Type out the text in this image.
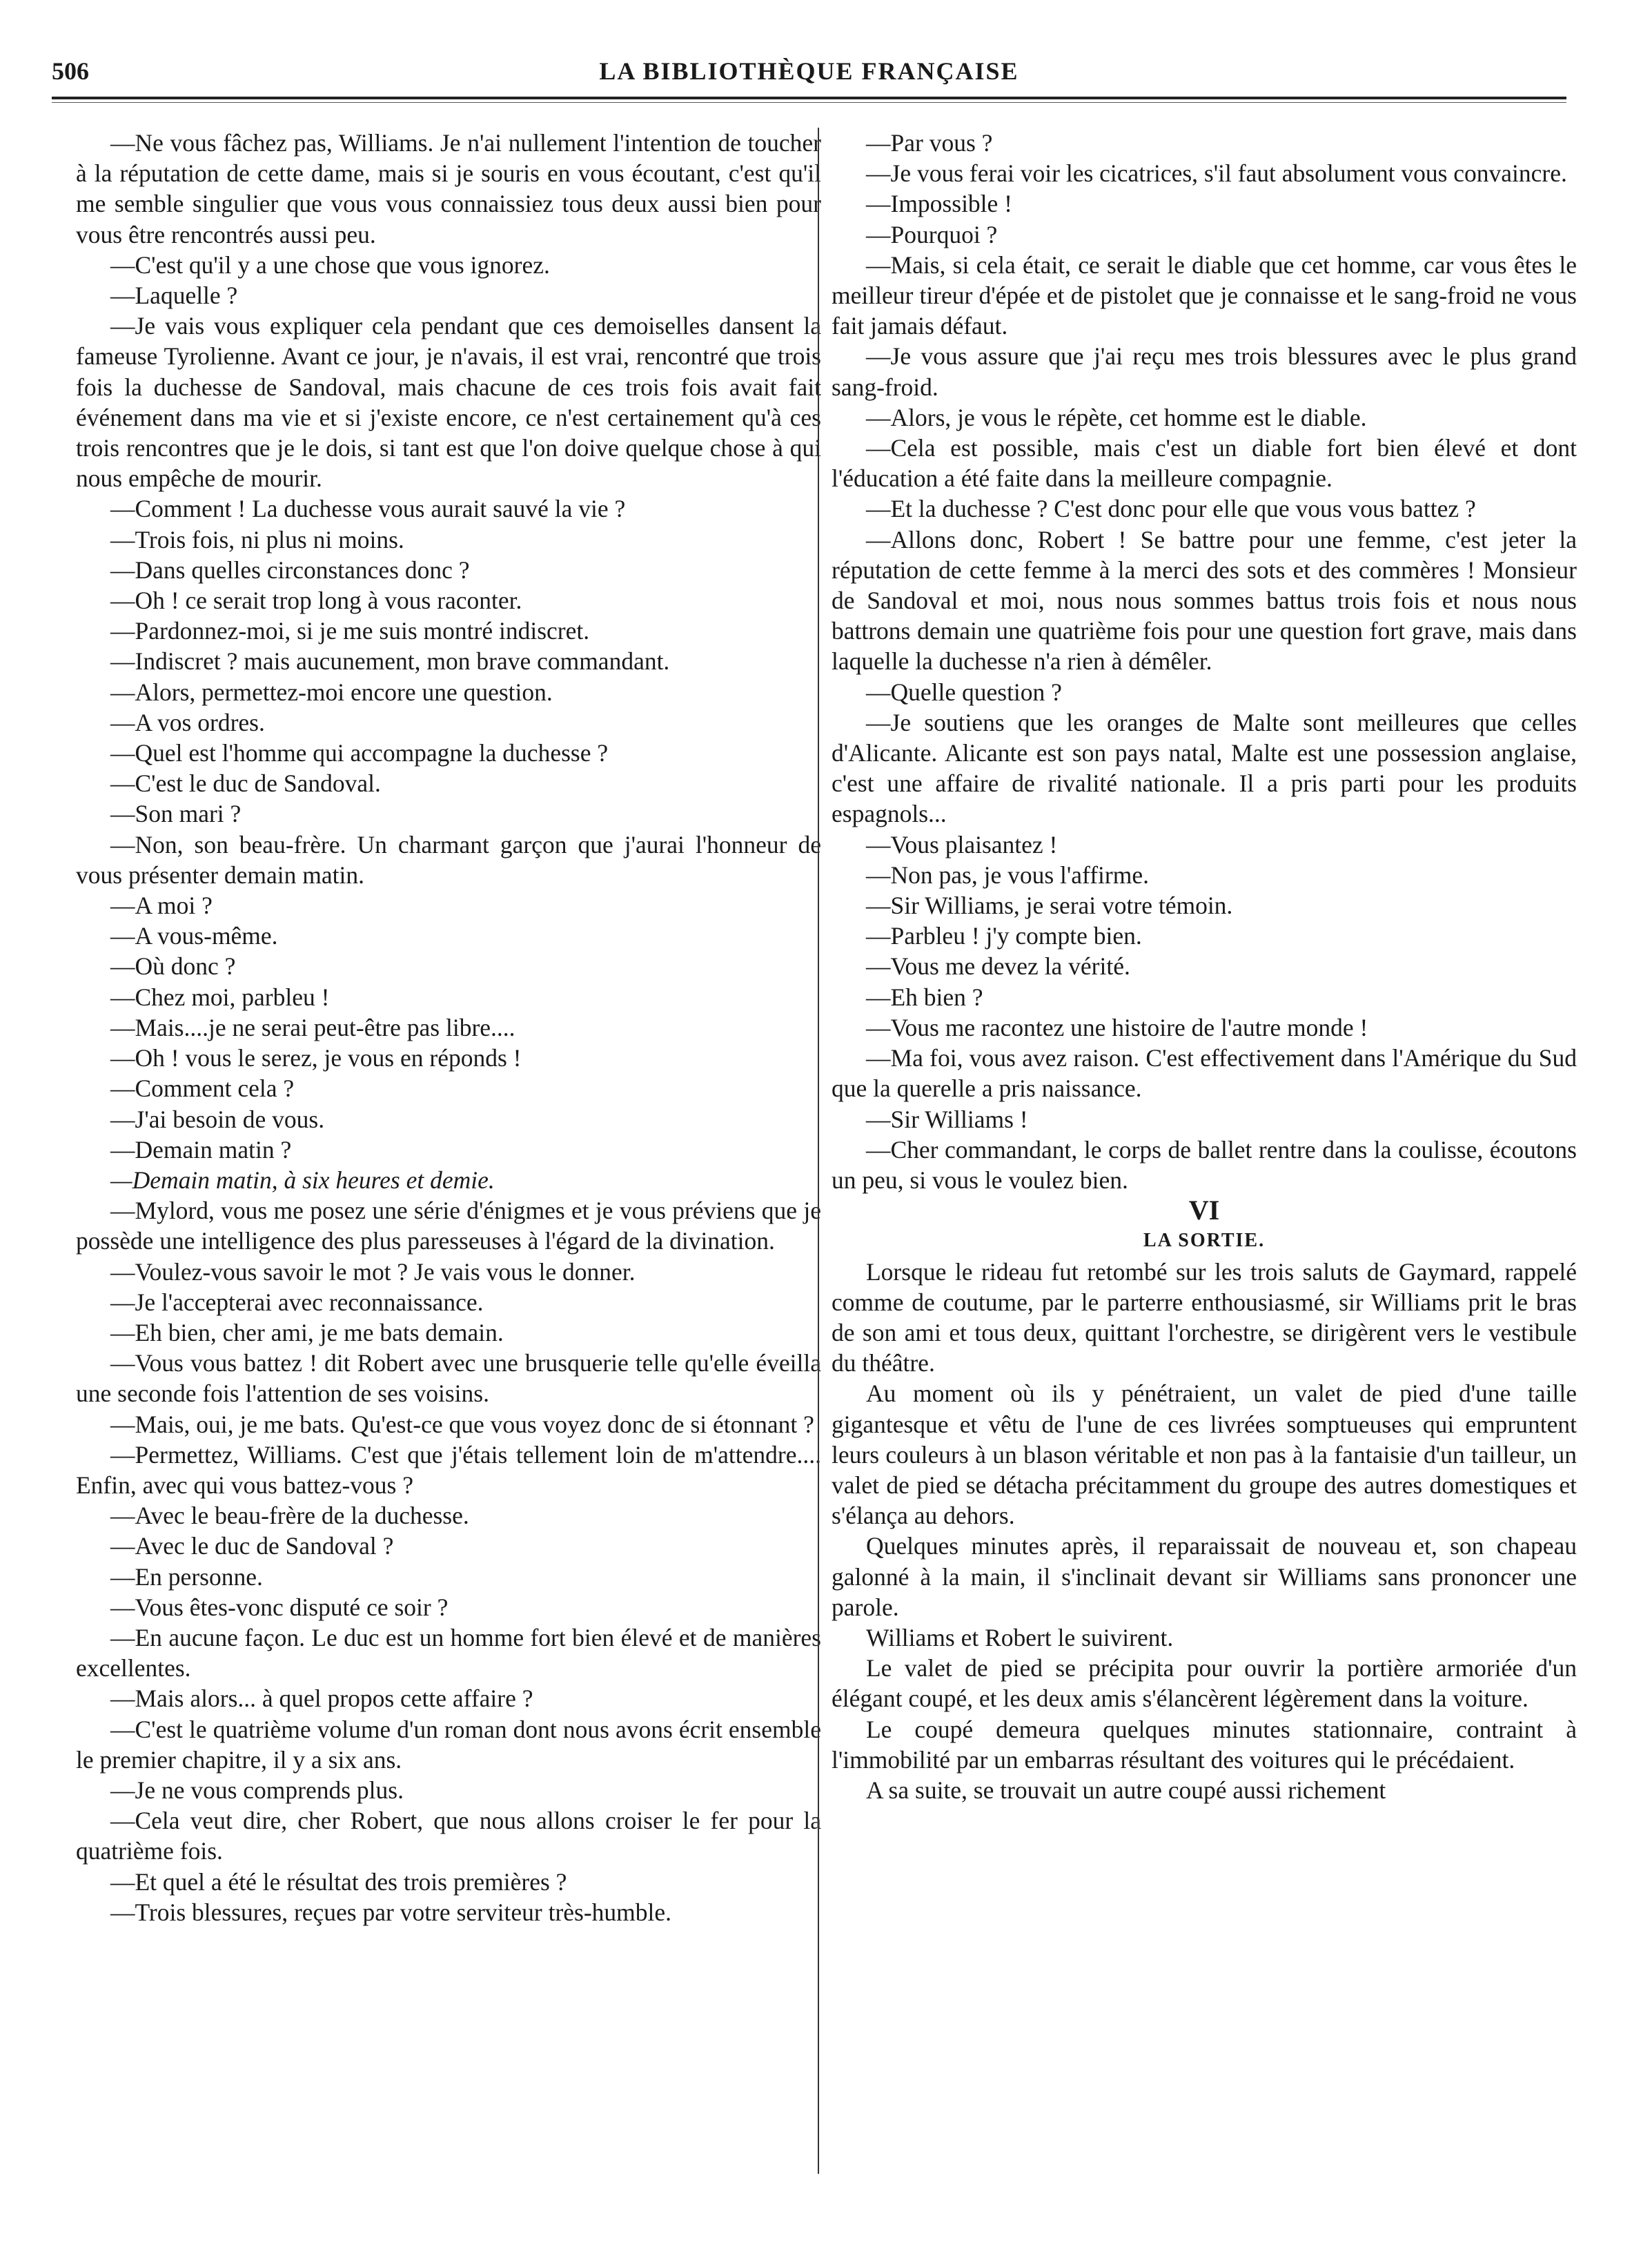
506	LA BIBLIOTHÈQUE FRANÇAISE

—Ne vous fâchez pas, Williams. Je n'ai nullement l'intention de toucher à la réputation de cette dame, mais si je souris en vous écoutant, c'est qu'il me semble singulier que vous vous connaissiez tous deux aussi bien pour vous être rencontrés aussi peu.

—C'est qu'il y a une chose que vous ignorez.

—Laquelle ?

—Je vais vous expliquer cela pendant que ces demoiselles dansent la fameuse Tyrolienne. Avant ce jour, je n'avais, il est vrai, rencontré que trois fois la duchesse de Sandoval, mais chacune de ces trois fois avait fait événement dans ma vie et si j'existe encore, ce n'est certainement qu'à ces trois rencontres que je le dois, si tant est que l'on doive quelque chose à qui nous empêche de mourir.

—Comment ! La duchesse vous aurait sauvé la vie ?

—Trois fois, ni plus ni moins.

—Dans quelles circonstances donc ?

—Oh ! ce serait trop long à vous raconter.

—Pardonnez-moi, si je me suis montré indiscret.

—Indiscret ? mais aucunement, mon brave commandant.

—Alors, permettez-moi encore une question.

—A vos ordres.

—Quel est l'homme qui accompagne la duchesse ?

—C'est le duc de Sandoval.

—Son mari ?

—Non, son beau-frère. Un charmant garçon que j'aurai l'honneur de vous présenter demain matin.

—A moi ?

—A vous-même.

—Où donc ?

—Chez moi, parbleu !

—Mais....je ne serai peut-être pas libre....

—Oh ! vous le serez, je vous en réponds !

—Comment cela ?

—J'ai besoin de vous.

—Demain matin ?

—Demain matin, à six heures et demie.

—Mylord, vous me posez une série d'énigmes et je vous préviens que je possède une intelligence des plus paresseuses à l'égard de la divination.

—Voulez-vous savoir le mot ? Je vais vous le donner.

—Je l'accepterai avec reconnaissance.

—Eh bien, cher ami, je me bats demain.

—Vous vous battez ! dit Robert avec une brusquerie telle qu'elle éveilla une seconde fois l'attention de ses voisins.

—Mais, oui, je me bats. Qu'est-ce que vous voyez donc de si étonnant ?

—Permettez, Williams. C'est que j'étais tellement loin de m'attendre.... Enfin, avec qui vous battez-vous ?

—Avec le beau-frère de la duchesse.

—Avec le duc de Sandoval ?

—En personne.

—Vous êtes-vonc disputé ce soir ?

—En aucune façon. Le duc est un homme fort bien élevé et de manières excellentes.

—Mais alors... à quel propos cette affaire ?

—C'est le quatrième volume d'un roman dont nous avons écrit ensemble le premier chapitre, il y a six ans.

—Je ne vous comprends plus.

—Cela veut dire, cher Robert, que nous allons croiser le fer pour la quatrième fois.

—Et quel a été le résultat des trois premières ?

—Trois blessures, reçues par votre serviteur très-humble.

—Par vous ?

—Je vous ferai voir les cicatrices, s'il faut absolument vous convaincre.

—Impossible !

—Pourquoi ?

—Mais, si cela était, ce serait le diable que cet homme, car vous êtes le meilleur tireur d'épée et de pistolet que je connaisse et le sang-froid ne vous fait jamais défaut.

—Je vous assure que j'ai reçu mes trois blessures avec le plus grand sang-froid.

—Alors, je vous le répète, cet homme est le diable.

—Cela est possible, mais c'est un diable fort bien élevé et dont l'éducation a été faite dans la meilleure compagnie.

—Et la duchesse ? C'est donc pour elle que vous vous battez ?

—Allons donc, Robert ! Se battre pour une femme, c'est jeter la réputation de cette femme à la merci des sots et des commères ! Monsieur de Sandoval et moi, nous nous sommes battus trois fois et nous nous battrons demain une quatrième fois pour une question fort grave, mais dans laquelle la duchesse n'a rien à démêler.

—Quelle question ?

—Je soutiens que les oranges de Malte sont meilleures que celles d'Alicante. Alicante est son pays natal, Malte est une possession anglaise, c'est une affaire de rivalité nationale. Il a pris parti pour les produits espagnols...

—Vous plaisantez !

—Non pas, je vous l'affirme.

—Sir Williams, je serai votre témoin.

—Parbleu ! j'y compte bien.

—Vous me devez la vérité.

—Eh bien ?

—Vous me racontez une histoire de l'autre monde !

—Ma foi, vous avez raison. C'est effectivement dans l'Amérique du Sud que la querelle a pris naissance.

—Sir Williams !

—Cher commandant, le corps de ballet rentre dans la coulisse, écoutons un peu, si vous le voulez bien.

VI

LA SORTIE.

Lorsque le rideau fut retombé sur les trois saluts de Gaymard, rappelé comme de coutume, par le parterre enthousiasmé, sir Williams prit le bras de son ami et tous deux, quittant l'orchestre, se dirigèrent vers le vestibule du théâtre.

Au moment où ils y pénétraient, un valet de pied d'une taille gigantesque et vêtu de l'une de ces livrées somptueuses qui empruntent leurs couleurs à un blason véritable et non pas à la fantaisie d'un tailleur, un valet de pied se détacha précitamment du groupe des autres domestiques et s'élança au dehors.

Quelques minutes après, il reparaissait de nouveau et, son chapeau galonné à la main, il s'inclinait devant sir Williams sans prononcer une parole.

Williams et Robert le suivirent.

Le valet de pied se précipita pour ouvrir la portière armoriée d'un élégant coupé, et les deux amis s'élancèrent légèrement dans la voiture.

Le coupé demeura quelques minutes stationnaire, contraint à l'immobilité par un embarras résultant des voitures qui le précédaient.

A sa suite, se trouvait un autre coupé aussi richement
